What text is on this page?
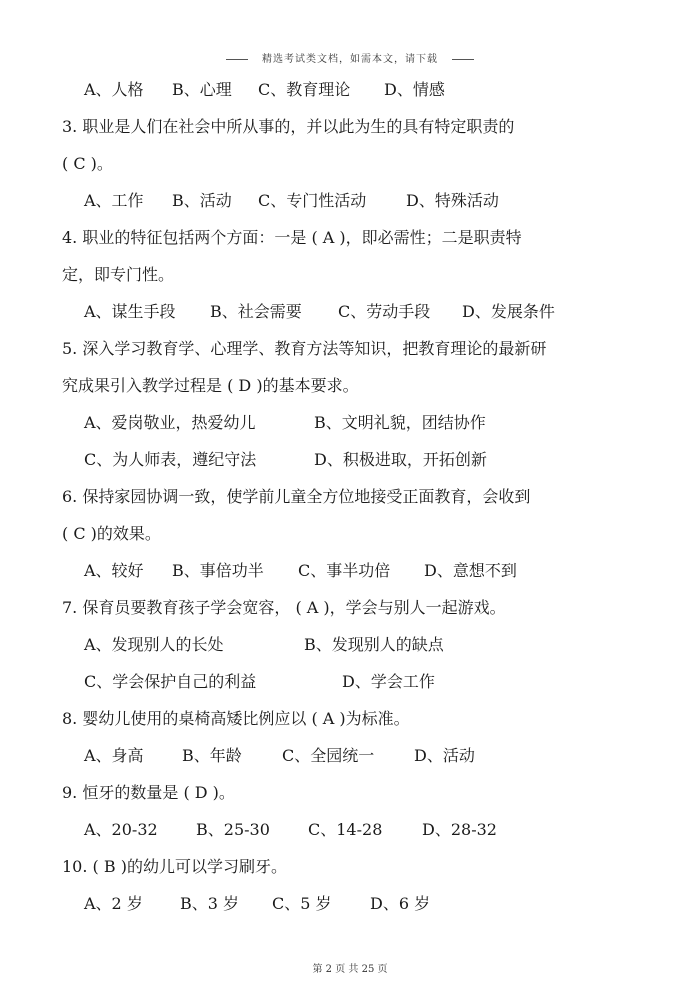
精选考试类文档，如需本文，请下载
A、人格 B、心理 C、教育理论 D、情感
3. 职业是人们在社会中所从事的，并以此为生的具有特定职责的
( C )。
A、工作 B、活动 C、专门性活动 D、特殊活动
4. 职业的特征包括两个方面：一是 ( A )，即必需性；二是职责特
定，即专门性。
A、谋生手段 B、社会需要 C、劳动手段 D、发展条件
5. 深入学习教育学、心理学、教育方法等知识，把教育理论的最新研
究成果引入教学过程是 ( D )的基本要求。
A、爱岗敬业，热爱幼儿	B、文明礼貌，团结协作
C、为人师表，遵纪守法	D、积极进取，开拓创新
6. 保持家园协调一致，使学前儿童全方位地接受正面教育，会收到
( C )的效果。
A、较好 B、事倍功半 C、事半功倍 D、意想不到
7. 保育员要教育孩子学会宽容， ( A )，学会与别人一起游戏。
A、发现别人的长处	B、发现别人的缺点
C、学会保护自己的利益	D、学会工作
8. 婴幼儿使用的桌椅高矮比例应以 ( A )为标准。
A、身高 B、年龄	C、全园统一 D、活动
9. 恒牙的数量是 ( D )。
A、20-32 B、25-30 C、14-28 D、28-32
10. ( B )的幼儿可以学习刷牙。
A、2 岁 B、3 岁 C、5 岁 D、6 岁
第 2 页 共 25 页
